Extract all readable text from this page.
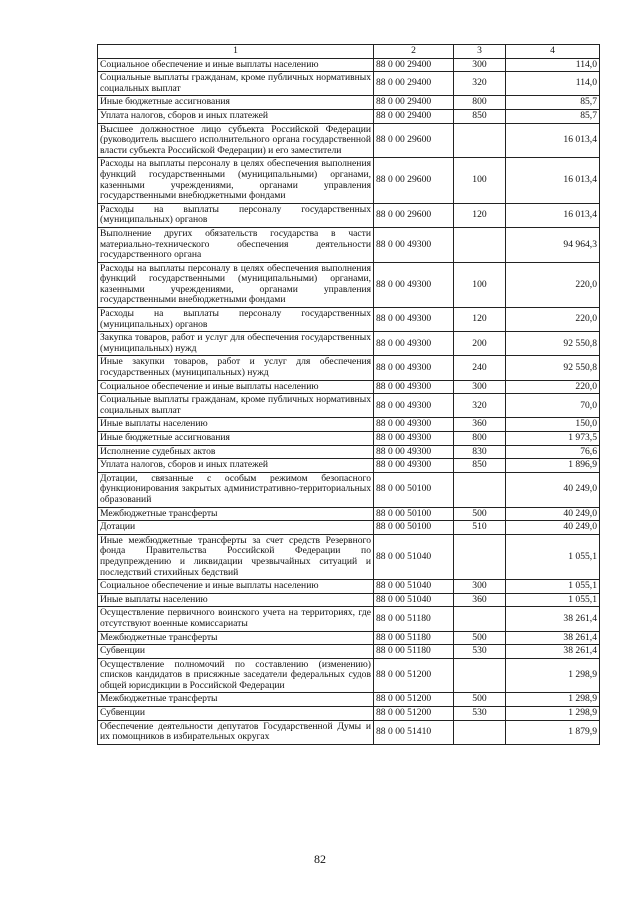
1	2	3	4
Социальное обеспечение и иные выплаты населению	88 0 00 29400	300	114,0
Социальные выплаты гражданам, кроме публичных нормативных социальных выплат	88 0 00 29400	320	114,0
Иные бюджетные ассигнования	88 0 00 29400	800	85,7
Уплата налогов, сборов и иных платежей	88 0 00 29400	850	85,7
Высшее должностное лицо субъекта Российской Федерации (руководитель высшего исполнительного органа государственной власти субъекта Российской Федерации) и его заместители	88 0 00 29600		16 013,4
Расходы на выплаты персоналу в целях обеспечения выполнения функций государственными (муниципальными) органами, казенными учреждениями, органами управления государственными внебюджетными фондами	88 0 00 29600	100	16 013,4
Расходы на выплаты персоналу государственных (муниципальных) органов	88 0 00 29600	120	16 013,4
Выполнение других обязательств государства в части материально-технического обеспечения деятельности государственного органа	88 0 00 49300		94 964,3
Расходы на выплаты персоналу в целях обеспечения выполнения функций государственными (муниципальными) органами, казенными учреждениями, органами управления государственными внебюджетными фондами	88 0 00 49300	100	220,0
Расходы на выплаты персоналу государственных (муниципальных) органов	88 0 00 49300	120	220,0
Закупка товаров, работ и услуг для обеспечения государственных (муниципальных) нужд	88 0 00 49300	200	92 550,8
Иные закупки товаров, работ и услуг для обеспечения государственных (муниципальных) нужд	88 0 00 49300	240	92 550,8
Социальное обеспечение и иные выплаты населению	88 0 00 49300	300	220,0
Социальные выплаты гражданам, кроме публичных нормативных социальных выплат	88 0 00 49300	320	70,0
Иные выплаты населению	88 0 00 49300	360	150,0
Иные бюджетные ассигнования	88 0 00 49300	800	1 973,5
Исполнение судебных актов	88 0 00 49300	830	76,6
Уплата налогов, сборов и иных платежей	88 0 00 49300	850	1 896,9
Дотации, связанные с особым режимом безопасного функционирования закрытых административно-территориальных образований	88 0 00 50100		40 249,0
Межбюджетные трансферты	88 0 00 50100	500	40 249,0
Дотации	88 0 00 50100	510	40 249,0
Иные межбюджетные трансферты за счет средств Резервного фонда Правительства Российской Федерации по предупреждению и ликвидации чрезвычайных ситуаций и последствий стихийных бедствий	88 0 00 51040		1 055,1
Социальное обеспечение и иные выплаты населению	88 0 00 51040	300	1 055,1
Иные выплаты населению	88 0 00 51040	360	1 055,1
Осуществление первичного воинского учета на территориях, где отсутствуют военные комиссариаты	88 0 00 51180		38 261,4
Межбюджетные трансферты	88 0 00 51180	500	38 261,4
Субвенции	88 0 00 51180	530	38 261,4
Осуществление полномочий по составлению (изменению) списков кандидатов в присяжные заседатели федеральных судов общей юрисдикции в Российской Федерации	88 0 00 51200		1 298,9
Межбюджетные трансферты	88 0 00 51200	500	1 298,9
Субвенции	88 0 00 51200	530	1 298,9
Обеспечение деятельности депутатов Государственной Думы и их помощников в избирательных округах	88 0 00 51410		1 879,9
82
